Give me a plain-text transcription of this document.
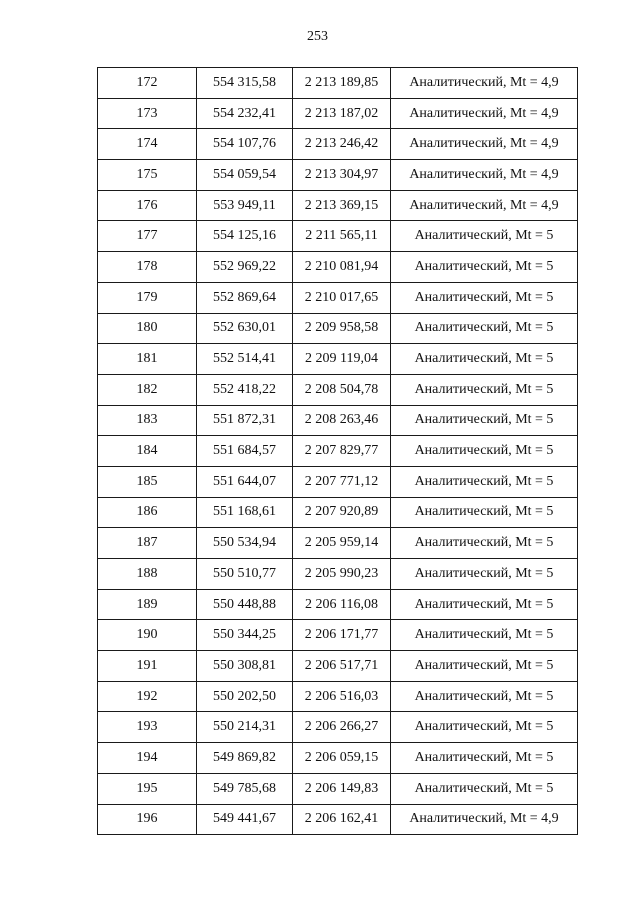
253
172	554 315,58	2 213 189,85	Аналитический, Mt = 4,9
173	554 232,41	2 213 187,02	Аналитический, Mt = 4,9
174	554 107,76	2 213 246,42	Аналитический, Mt = 4,9
175	554 059,54	2 213 304,97	Аналитический, Mt = 4,9
176	553 949,11	2 213 369,15	Аналитический, Mt = 4,9
177	554 125,16	2 211 565,11	Аналитический, Mt = 5
178	552 969,22	2 210 081,94	Аналитический, Mt = 5
179	552 869,64	2 210 017,65	Аналитический, Mt = 5
180	552 630,01	2 209 958,58	Аналитический, Mt = 5
181	552 514,41	2 209 119,04	Аналитический, Mt = 5
182	552 418,22	2 208 504,78	Аналитический, Mt = 5
183	551 872,31	2 208 263,46	Аналитический, Mt = 5
184	551 684,57	2 207 829,77	Аналитический, Mt = 5
185	551 644,07	2 207 771,12	Аналитический, Mt = 5
186	551 168,61	2 207 920,89	Аналитический, Mt = 5
187	550 534,94	2 205 959,14	Аналитический, Mt = 5
188	550 510,77	2 205 990,23	Аналитический, Mt = 5
189	550 448,88	2 206 116,08	Аналитический, Mt = 5
190	550 344,25	2 206 171,77	Аналитический, Mt = 5
191	550 308,81	2 206 517,71	Аналитический, Mt = 5
192	550 202,50	2 206 516,03	Аналитический, Mt = 5
193	550 214,31	2 206 266,27	Аналитический, Mt = 5
194	549 869,82	2 206 059,15	Аналитический, Mt = 5
195	549 785,68	2 206 149,83	Аналитический, Mt = 5
196	549 441,67	2 206 162,41	Аналитический, Mt = 4,9
